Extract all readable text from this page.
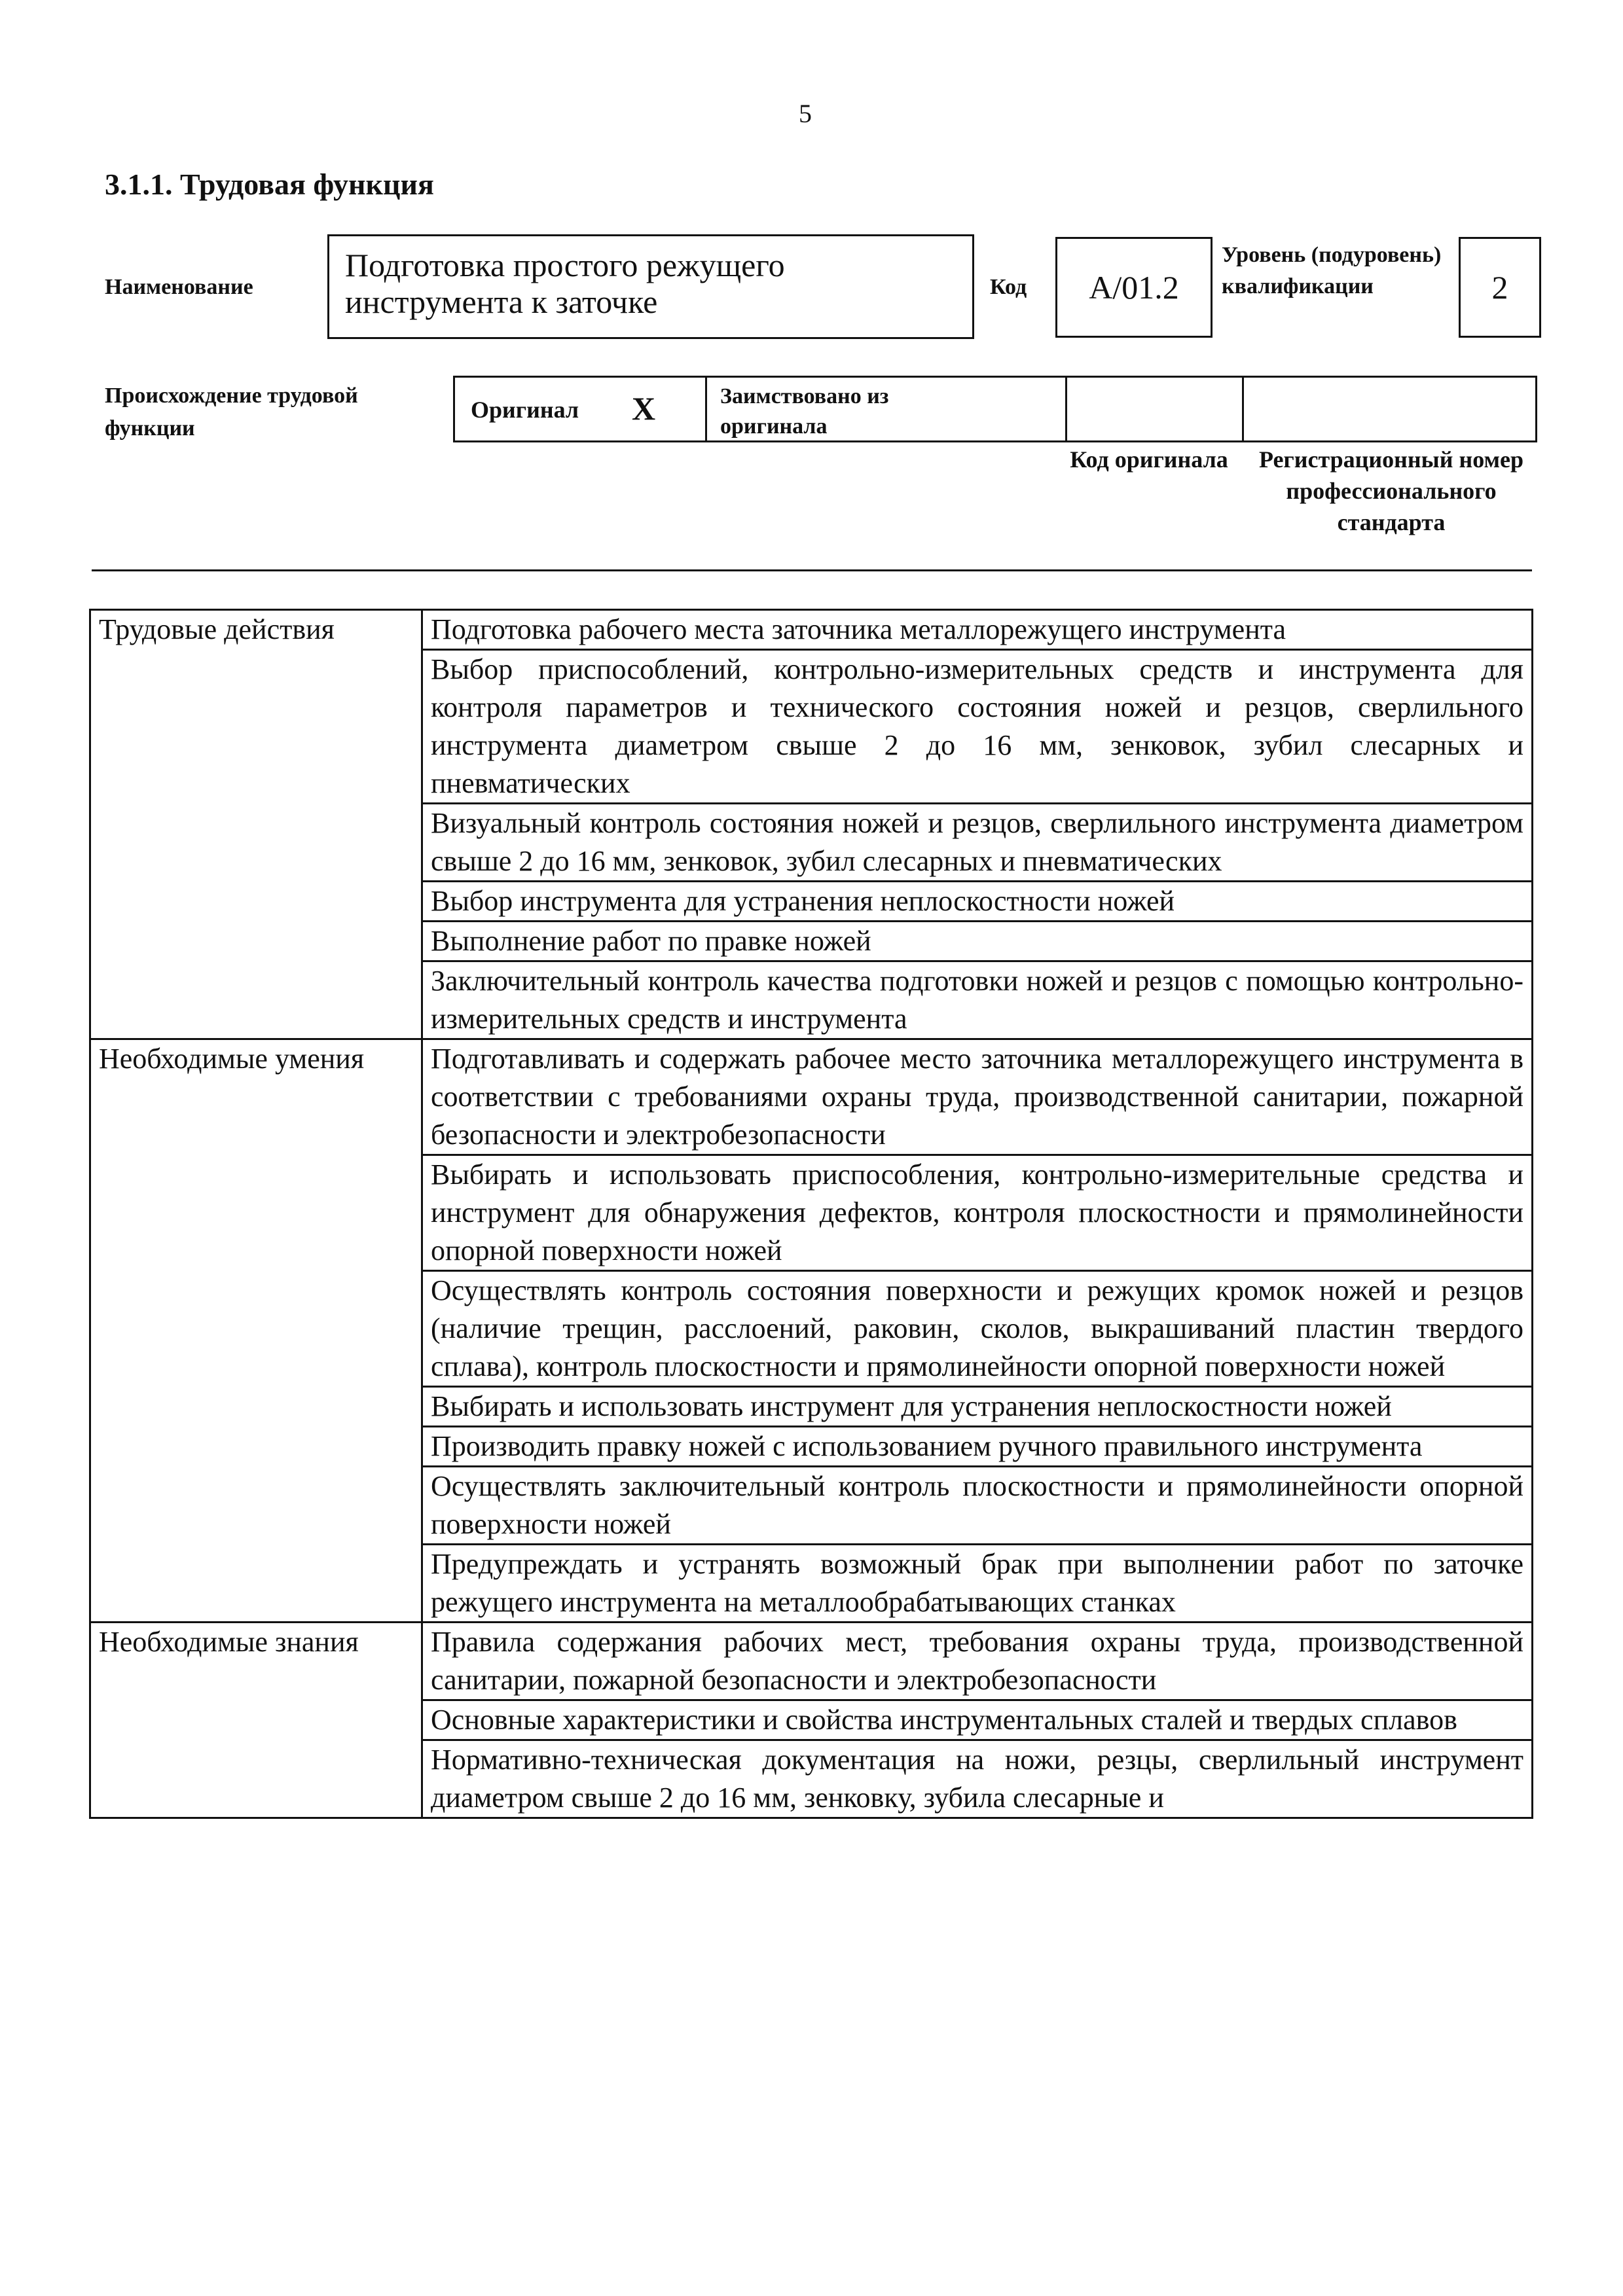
5
3.1.1. Трудовая функция
Наименование
Подготовка простого режущего инструмента к заточке	Код	A/01.2
Уровень (подуровень) квалификации	2
Происхождение трудовой функции
Оригинал X	Заимствовано из оригинала
Код оригинала	Регистрационный номер профессионального стандарта
Трудовые действия	Подготовка рабочего места заточника металлорежущего инструмента
	Выбор приспособлений, контрольно-измерительных средств и инструмента для контроля параметров и технического состояния ножей и резцов, сверлильного инструмента диаметром свыше 2 до 16 мм, зенковок, зубил слесарных и пневматических
	Визуальный контроль состояния ножей и резцов, сверлильного инструмента диаметром свыше 2 до 16 мм, зенковок, зубил слесарных и пневматических
	Выбор инструмента для устранения неплоскостности ножей
	Выполнение работ по правке ножей
	Заключительный контроль качества подготовки ножей и резцов с помощью контрольно-измерительных средств и инструмента
Необходимые умения	Подготавливать и содержать рабочее место заточника металлорежущего инструмента в соответствии с требованиями охраны труда, производственной санитарии, пожарной безопасности и электробезопасности
	Выбирать и использовать приспособления, контрольно-измерительные средства и инструмент для обнаружения дефектов, контроля плоскостности и прямолинейности опорной поверхности ножей
	Осуществлять контроль состояния поверхности и режущих кромок ножей и резцов (наличие трещин, расслоений, раковин, сколов, выкрашиваний пластин твердого сплава), контроль плоскостности и прямолинейности опорной поверхности ножей
	Выбирать и использовать инструмент для устранения неплоскостности ножей
	Производить правку ножей с использованием ручного правильного инструмента
	Осуществлять заключительный контроль плоскостности и прямолинейности опорной поверхности ножей
	Предупреждать и устранять возможный брак при выполнении работ по заточке режущего инструмента на металлообрабатывающих станках
Необходимые знания	Правила содержания рабочих мест, требования охраны труда, производственной санитарии, пожарной безопасности и электробезопасности
	Основные характеристики и свойства инструментальных сталей и твердых сплавов
	Нормативно-техническая документация на ножи, резцы, сверлильный инструмент диаметром свыше 2 до 16 мм, зенковку, зубила слесарные и
